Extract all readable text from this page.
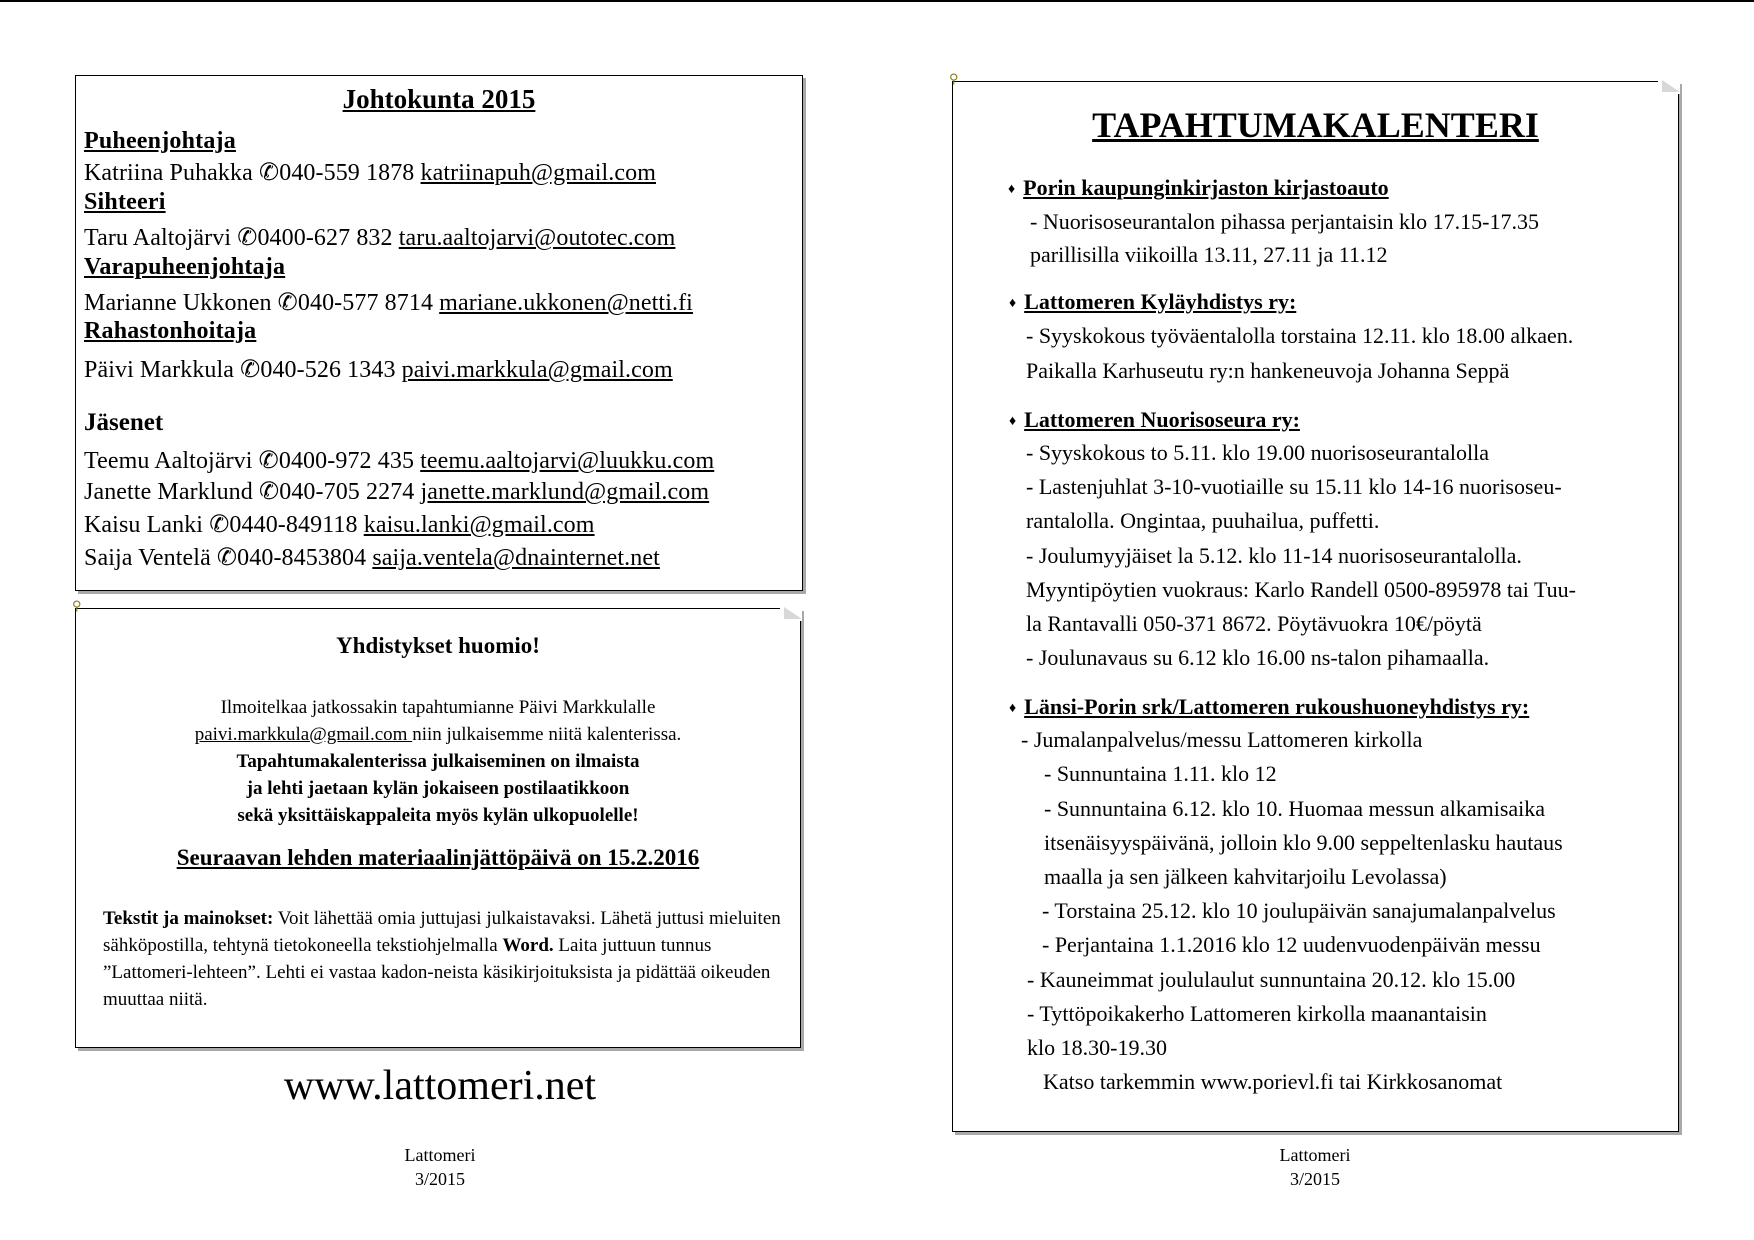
Johtokunta 2015
Puheenjohtaja
Katriina Puhakka ✆040-559 1878 katriinapuh@gmail.com
Sihteeri
Taru Aaltojärvi ✆0400-627 832 taru.aaltojarvi@outotec.com
Varapuheenjohtaja
Marianne Ukkonen ✆040-577 8714 mariane.ukkonen@netti.fi
Rahastonhoitaja
Päivi Markkula ✆040-526 1343 paivi.markkula@gmail.com
Jäsenet
Teemu Aaltojärvi ✆0400-972 435 teemu.aaltojarvi@luukku.com
Janette Marklund ✆040-705 2274 janette.marklund@gmail.com
Kaisu Lanki ✆0440-849118 kaisu.lanki@gmail.com
Saija Ventelä ✆040-8453804 saija.ventela@dnainternet.net
⚲
Yhdistykset huomio!
Ilmoitelkaa jatkossakin tapahtumianne Päivi Markkulalle
paivi.markkula@gmail.com niin julkaisemme niitä kalenterissa.
Tapahtumakalenterissa julkaiseminen on ilmaista
ja lehti jaetaan kylän jokaiseen postilaatikkoon
sekä yksittäiskappaleita myös kylän ulkopuolelle!
Seuraavan lehden materiaalinjättöpäivä on 15.2.2016
Tekstit ja mainokset: Voit lähettää omia juttujasi julkaistavaksi. Lähetä juttusi mieluiten sähköpostilla, tehtynä tietokoneella tekstiohjelmalla Word. Laita juttuun tunnus ”Lattomeri-lehteen”. Lehti ei vastaa kadon-neista käsikirjoituksista ja pidättää oikeuden muuttaa niitä.
www.lattomeri.net
Lattomeri
3/2015
⚲
TAPAHTUMAKALENTERI
♦ Porin kaupunginkirjaston kirjastoauto
- Nuorisoseurantalon pihassa perjantaisin klo 17.15-17.35
parillisilla viikoilla 13.11, 27.11 ja 11.12
♦ Lattomeren Kyläyhdistys ry:
- Syyskokous työväentalolla torstaina 12.11. klo 18.00 alkaen.
Paikalla Karhuseutu ry:n hankeneuvoja Johanna Seppä
♦ Lattomeren Nuorisoseura ry:
- Syyskokous to 5.11. klo 19.00 nuorisoseurantalolla
- Lastenjuhlat 3-10-vuotiaille su 15.11 klo 14-16 nuorisoseu-
rantalolla. Ongintaa, puuhailua, puffetti.
- Joulumyyjäiset la 5.12. klo 11-14 nuorisoseurantalolla.
Myyntipöytien vuokraus: Karlo Randell 0500-895978 tai Tuu-
la Rantavalli 050-371 8672. Pöytävuokra 10€/pöytä
- Joulunavaus su 6.12 klo 16.00 ns-talon pihamaalla.
♦ Länsi-Porin srk/Lattomeren rukoushuoneyhdistys ry:
- Jumalanpalvelus/messu Lattomeren kirkolla
- Sunnuntaina 1.11. klo 12
- Sunnuntaina 6.12. klo 10. Huomaa messun alkamisaika
itsenäisyyspäivänä, jolloin klo 9.00 seppeltenlasku hautaus
maalla ja sen jälkeen kahvitarjoilu Levolassa)
- Torstaina 25.12. klo 10 joulupäivän sanajumalanpalvelus
- Perjantaina 1.1.2016 klo 12 uudenvuodenpäivän messu
- Kauneimmat joululaulut sunnuntaina 20.12. klo 15.00
- Tyttöpoikakerho Lattomeren kirkolla maanantaisin
klo 18.30-19.30
Katso tarkemmin www.porievl.fi tai Kirkkosanomat
Lattomeri
3/2015
